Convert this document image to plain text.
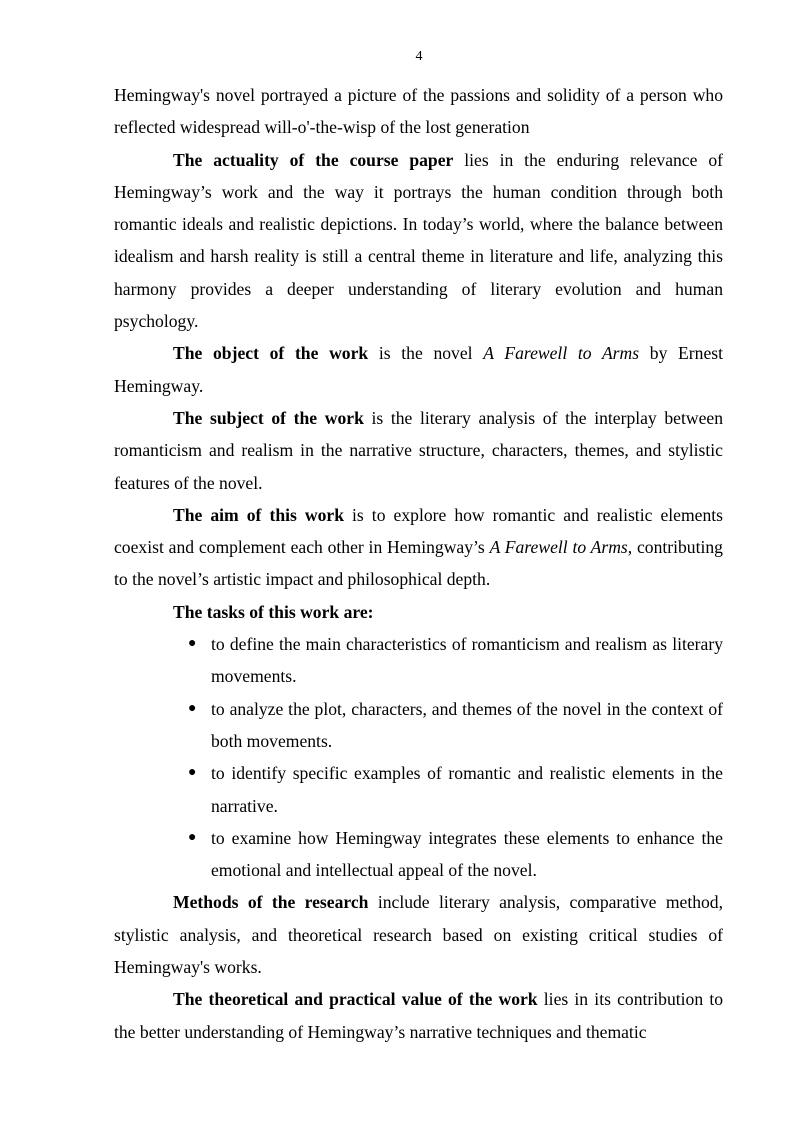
4

Hemingway's novel portrayed a picture of the passions and solidity of a person who reflected widespread will-o'-the-wisp of the lost generation

The actuality of the course paper lies in the enduring relevance of Hemingway’s work and the way it portrays the human condition through both romantic ideals and realistic depictions. In today’s world, where the balance between idealism and harsh reality is still a central theme in literature and life, analyzing this harmony provides a deeper understanding of literary evolution and human psychology.

The object of the work is the novel A Farewell to Arms by Ernest Hemingway.

The subject of the work is the literary analysis of the interplay between romanticism and realism in the narrative structure, characters, themes, and stylistic features of the novel.

The aim of this work is to explore how romantic and realistic elements coexist and complement each other in Hemingway’s A Farewell to Arms, contributing to the novel’s artistic impact and philosophical depth.

The tasks of this work are:

● to define the main characteristics of romanticism and realism as literary movements.
● to analyze the plot, characters, and themes of the novel in the context of both movements.
● to identify specific examples of romantic and realistic elements in the narrative.
● to examine how Hemingway integrates these elements to enhance the emotional and intellectual appeal of the novel.

Methods of the research include literary analysis, comparative method, stylistic analysis, and theoretical research based on existing critical studies of Hemingway's works.

The theoretical and practical value of the work lies in its contribution to the better understanding of Hemingway’s narrative techniques and thematic
